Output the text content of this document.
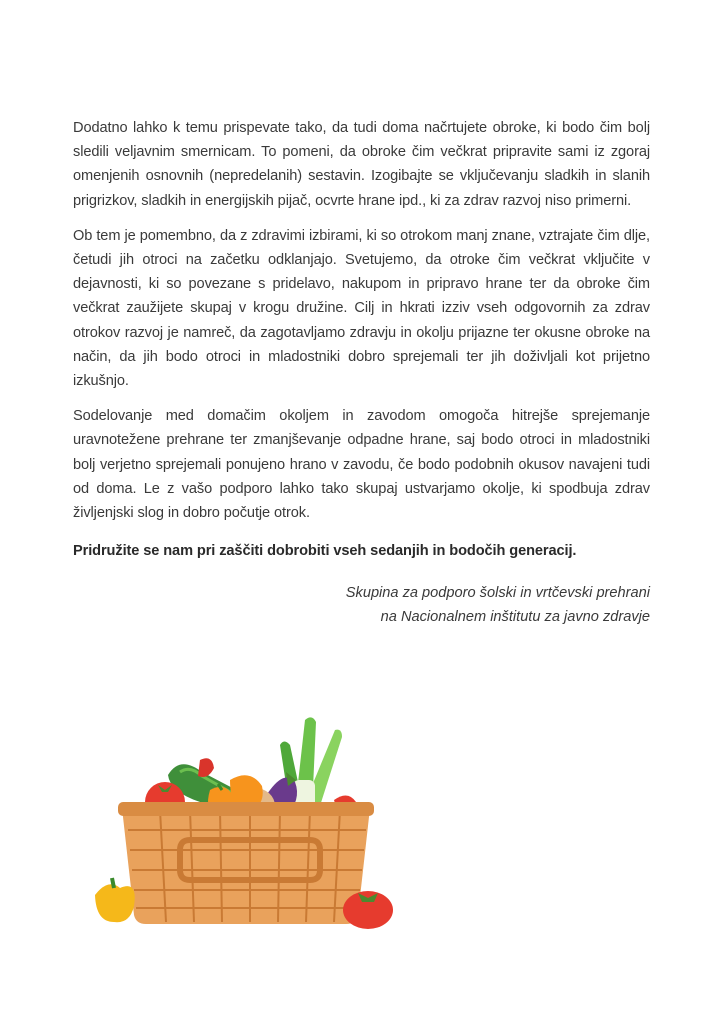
Dodatno lahko k temu prispevate tako, da tudi doma načrtujete obroke, ki bodo čim bolj sledili veljavnim smernicam. To pomeni, da obroke čim večkrat pripravite sami iz zgoraj omenjenih osnovnih (nepredelanih) sestavin. Izogibajte se vključevanju sladkih in slanih prigrizkov, sladkih in energijskih pijač, ocvrte hrane ipd., ki za zdrav razvoj niso primerni.

Ob tem je pomembno, da z zdravimi izbirami, ki so otrokom manj znane, vztrajate čim dlje, četudi jih otroci na začetku odklanjajo. Svetujemo, da otroke čim večkrat vključite v dejavnosti, ki so povezane s pridelavo, nakupom in pripravo hrane ter da obroke čim večkrat zaužijete skupaj v krogu družine. Cilj in hkrati izziv vseh odgovornih za zdrav otrokov razvoj je namreč, da zagotavljamo zdravju in okolju prijazne ter okusne obroke na način, da jih bodo otroci in mladostniki dobro sprejemali ter jih doživljali kot prijetno izkušnjo.

Sodelovanje med domačim okoljem in zavodom omogoča hitrejše sprejemanje uravnotežene prehrane ter zmanjševanje odpadne hrane, saj bodo otroci in mladostniki bolj verjetno sprejemali ponujeno hrano v zavodu, če bodo podobnih okusov navajeni tudi od doma. Le z vašo podporo lahko tako skupaj ustvarjamo okolje, ki spodbuja zdrav življenjski slog in dobro počutje otrok.

Pridružite se nam pri zaščiti dobrobiti vseh sedanjih in bodočih generacij.

Skupina za podporo šolski in vrtčevski prehrani
na Nacionalnem inštitutu za javno zdravje
